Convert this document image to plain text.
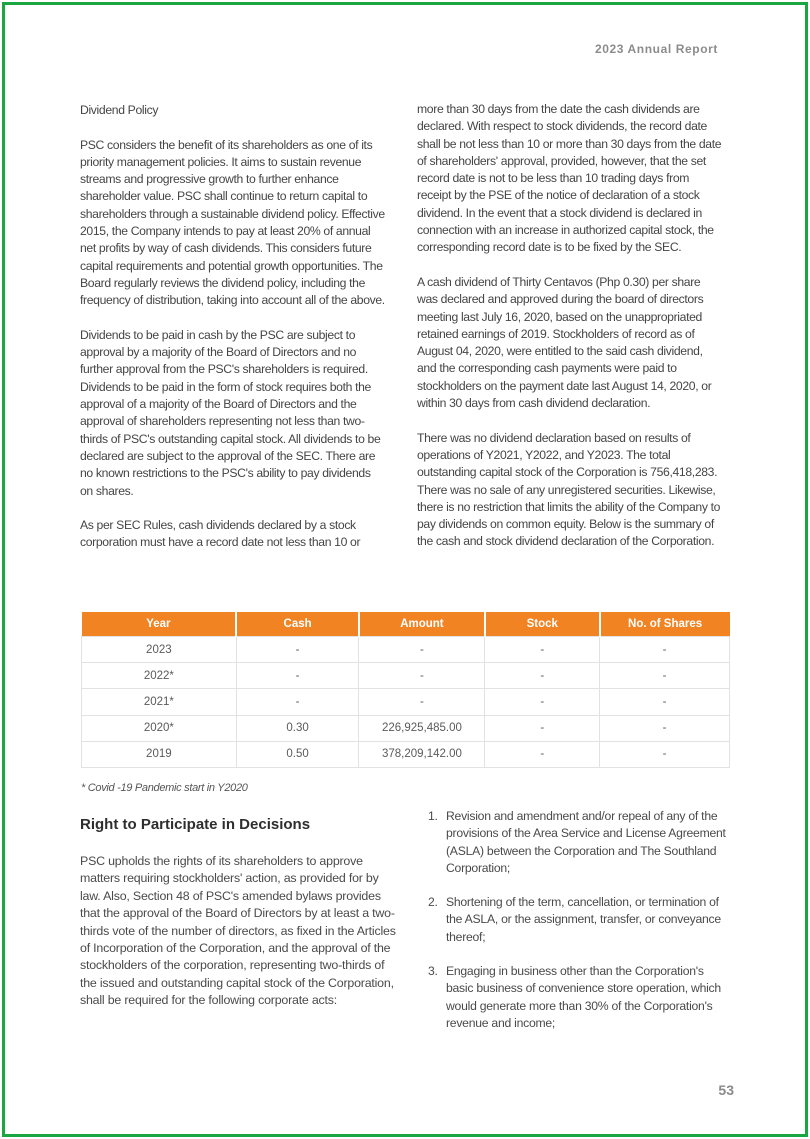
2023 Annual Report

Dividend Policy

PSC considers the benefit of its shareholders as one of its priority management policies. It aims to sustain revenue streams and progressive growth to further enhance shareholder value. PSC shall continue to return capital to shareholders through a sustainable dividend policy. Effective 2015, the Company intends to pay at least 20% of annual net profits by way of cash dividends. This considers future capital requirements and potential growth opportunities. The Board regularly reviews the dividend policy, including the frequency of distribution, taking into account all of the above.

Dividends to be paid in cash by the PSC are subject to approval by a majority of the Board of Directors and no further approval from the PSC's shareholders is required. Dividends to be paid in the form of stock requires both the approval of a majority of the Board of Directors and the approval of shareholders representing not less than two-thirds of PSC's outstanding capital stock. All dividends to be declared are subject to the approval of the SEC. There are no known restrictions to the PSC's ability to pay dividends on shares.

As per SEC Rules, cash dividends declared by a stock corporation must have a record date not less than 10 or

more than 30 days from the date the cash dividends are declared. With respect to stock dividends, the record date shall be not less than 10 or more than 30 days from the date of shareholders' approval, provided, however, that the set record date is not to be less than 10 trading days from receipt by the PSE of the notice of declaration of a stock dividend. In the event that a stock dividend is declared in connection with an increase in authorized capital stock, the corresponding record date is to be fixed by the SEC.

A cash dividend of Thirty Centavos (Php 0.30) per share was declared and approved during the board of directors meeting last July 16, 2020, based on the unappropriated retained earnings of 2019. Stockholders of record as of August 04, 2020, were entitled to the said cash dividend, and the corresponding cash payments were paid to stockholders on the payment date last August 14, 2020, or within 30 days from cash dividend declaration.

There was no dividend declaration based on results of operations of Y2021, Y2022, and Y2023. The total outstanding capital stock of the Corporation is 756,418,283. There was no sale of any unregistered securities. Likewise, there is no restriction that limits the ability of the Company to pay dividends on common equity. Below is the summary of the cash and stock dividend declaration of the Corporation.

Year	Cash	Amount	Stock	No. of Shares
2023	-	-	-	-
2022*	-	-	-	-
2021*	-	-	-	-
2020*	0.30	226,925,485.00	-	-
2019	0.50	378,209,142.00	-	-
* Covid -19 Pandemic start in Y2020
Right to Participate in Decisions

PSC upholds the rights of its shareholders to approve matters requiring stockholders' action, as provided for by law. Also, Section 48 of PSC's amended bylaws provides that the approval of the Board of Directors by at least a two-thirds vote of the number of directors, as fixed in the Articles of Incorporation of the Corporation, and the approval of the stockholders of the corporation, representing two-thirds of the issued and outstanding capital stock of the Corporation, shall be required for the following corporate acts:

1. Revision and amendment and/or repeal of any of the provisions of the Area Service and License Agreement (ASLA) between the Corporation and The Southland Corporation;
2. Shortening of the term, cancellation, or termination of the ASLA, or the assignment, transfer, or conveyance thereof;
3. Engaging in business other than the Corporation's basic business of convenience store operation, which would generate more than 30% of the Corporation's revenue and income;
53
